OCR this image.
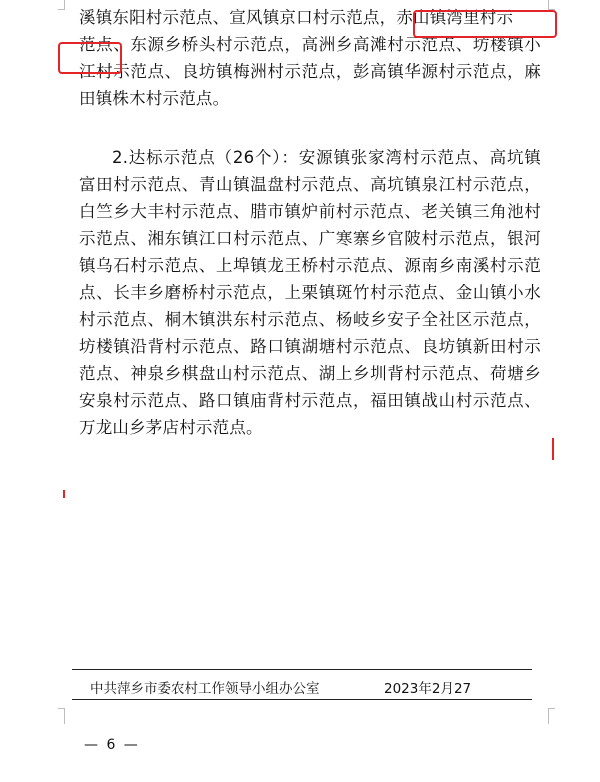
溪镇东阳村示范点、宣风镇京口村示范点，赤山镇湾里村示
范点、东源乡桥头村示范点，高洲乡高滩村示范点、坊楼镇小江村示范点、良坊镇梅洲村示范点，彭高镇华源村示范点，麻田镇株木村示范点。

2.达标示范点（26个）：安源镇张家湾村示范点、高坑镇富田村示范点、青山镇温盘村示范点、高坑镇泉江村示范点，白竺乡大丰村示范点、腊市镇炉前村示范点、老关镇三角池村示范点、湘东镇江口村示范点、广寒寨乡官陂村示范点，银河镇乌石村示范点、上埠镇龙王桥村示范点、源南乡南溪村示范点、长丰乡磨桥村示范点，上栗镇斑竹村示范点、金山镇小水村示范点、桐木镇洪东村示范点、杨岐乡安子全社区示范点，坊楼镇沿背村示范点、路口镇湖塘村示范点、良坊镇新田村示范点、神泉乡棋盘山村示范点、湖上乡圳背村示范点、荷塘乡安泉村示范点、路口镇庙背村示范点，福田镇战山村示范点、万龙山乡茅店村示范点。

中共萍乡市委农村工作领导小组办公室	2023年2月27
— 6 —
